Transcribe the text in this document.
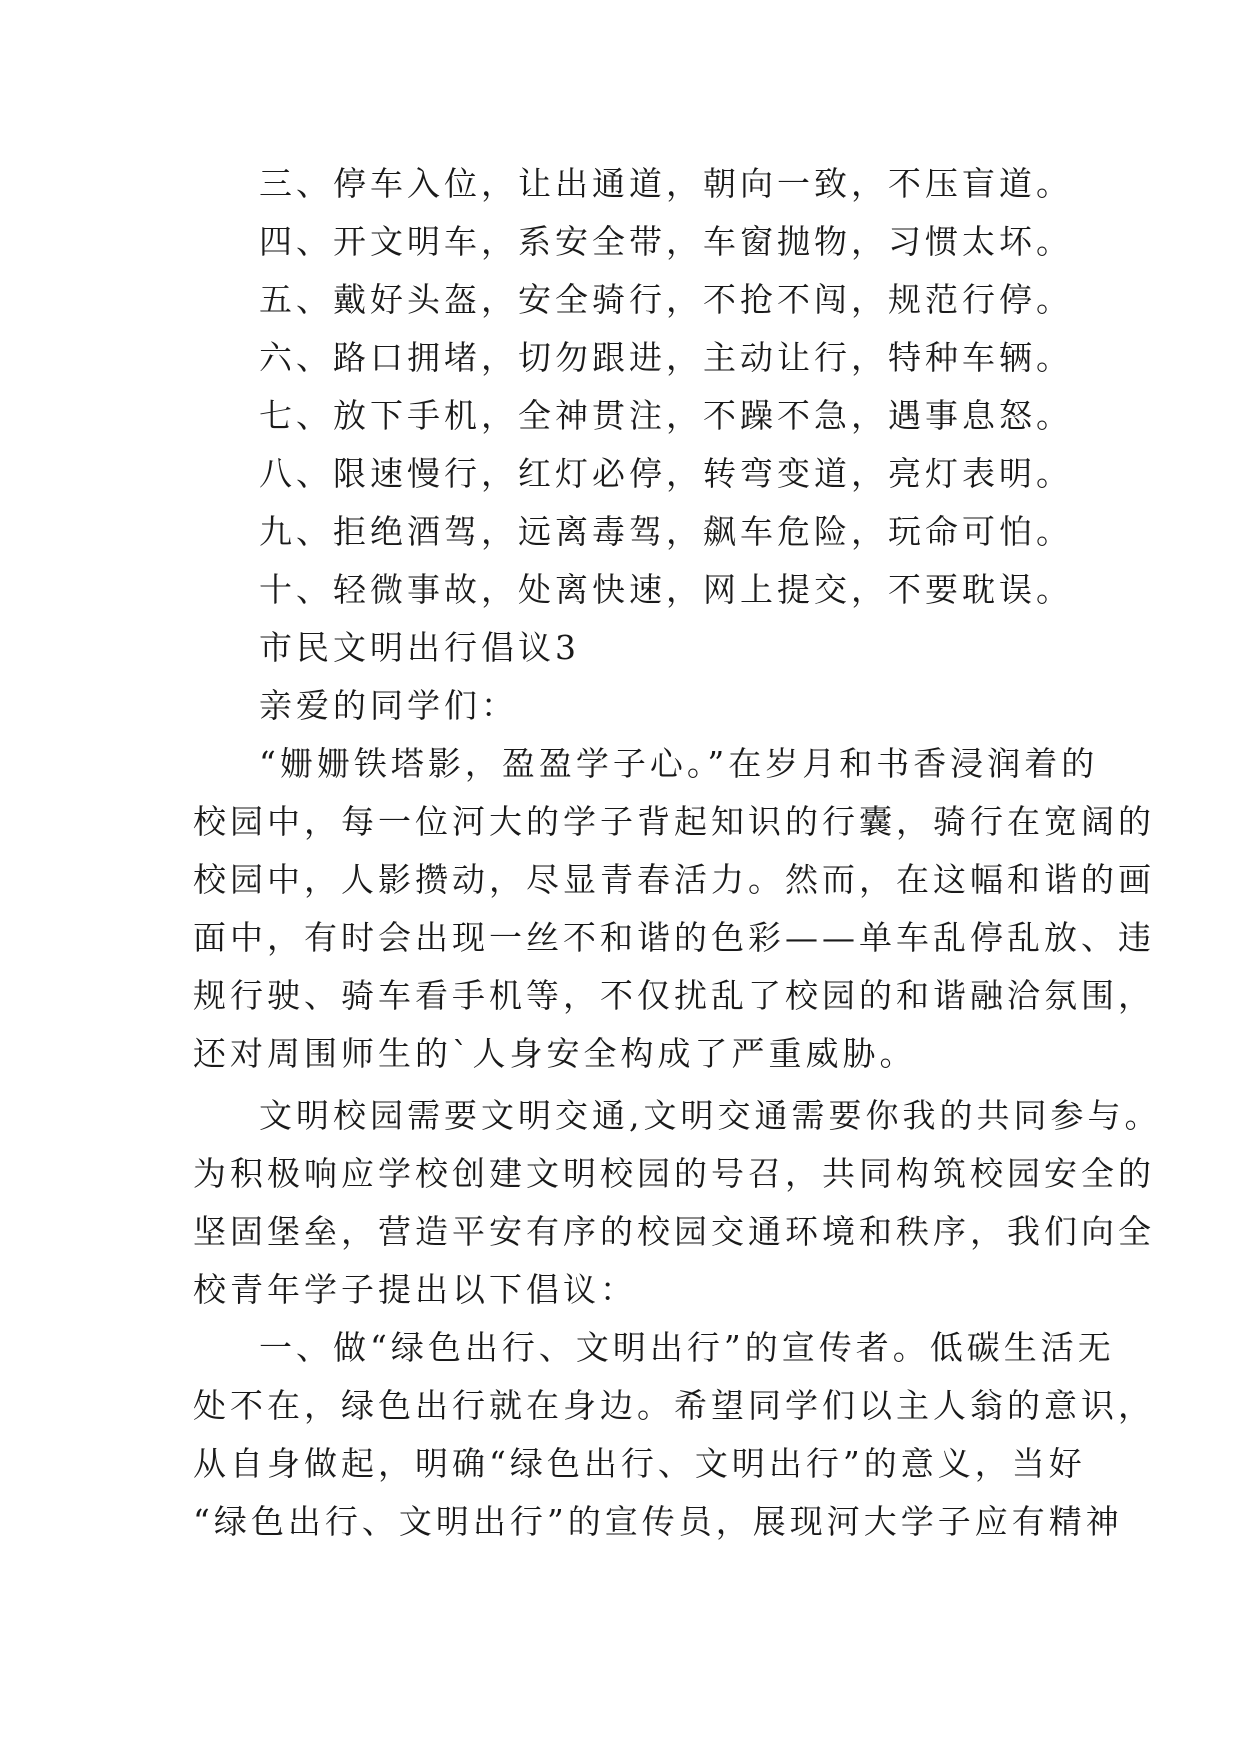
三、停车入位，让出通道，朝向一致，不压盲道。
四、开文明车，系安全带，车窗抛物，习惯太坏。
五、戴好头盔，安全骑行，不抢不闯，规范行停。
六、路口拥堵，切勿跟进，主动让行，特种车辆。
七、放下手机，全神贯注，不躁不急，遇事息怒。
八、限速慢行，红灯必停，转弯变道，亮灯表明。
九、拒绝酒驾，远离毒驾，飙车危险，玩命可怕。
十、轻微事故，处离快速，网上提交，不要耽误。
市民文明出行倡议3
亲爱的同学们：
“姗姗铁塔影，盈盈学子心。”在岁月和书香浸润着的
校园中，每一位河大的学子背起知识的行囊，骑行在宽阔的
校园中，人影攒动，尽显青春活力。然而，在这幅和谐的画
面中，有时会出现一丝不和谐的色彩——单车乱停乱放、违
规行驶、骑车看手机等，不仅扰乱了校园的和谐融洽氛围，
还对周围师生的`人身安全构成了严重威胁。
文明校园需要文明交通,文明交通需要你我的共同参与。
为积极响应学校创建文明校园的号召，共同构筑校园安全的
坚固堡垒，营造平安有序的校园交通环境和秩序，我们向全
校青年学子提出以下倡议：
一、做“绿色出行、文明出行”的宣传者。低碳生活无
处不在，绿色出行就在身边。希望同学们以主人翁的意识，
从自身做起，明确“绿色出行、文明出行”的意义，当好
“绿色出行、文明出行”的宣传员，展现河大学子应有精神
